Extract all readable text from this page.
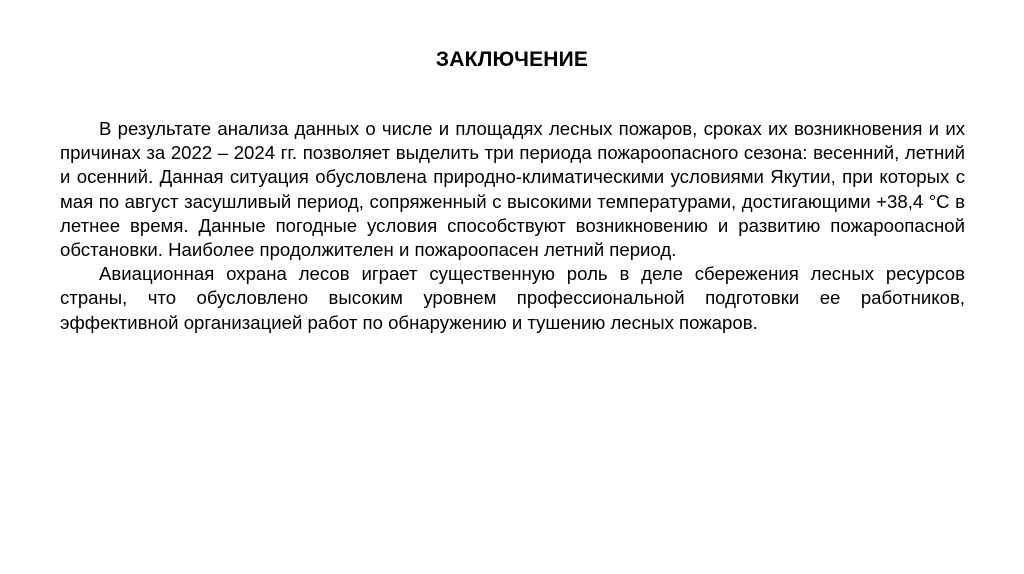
ЗАКЛЮЧЕНИЕ

В результате анализа данных о числе и площадях лесных пожаров, сроках их возникновения и их причинах за 2022 – 2024 гг. позволяет выделить три периода пожароопасного сезона: весенний, летний и осенний. Данная ситуация обусловлена природно-климатическими условиями Якутии, при которых с мая по август засушливый период, сопряженный с высокими температурами, достигающими +38,4 °С в летнее время. Данные погодные условия способствуют возникновению и развитию пожароопасной обстановки. Наиболее продолжителен и пожароопасен летний период.

Авиационная охрана лесов играет существенную роль в деле сбережения лесных ресурсов страны, что обусловлено высоким уровнем профессиональной подготовки ее работников, эффективной организацией работ по обнаружению и тушению лесных пожаров.
